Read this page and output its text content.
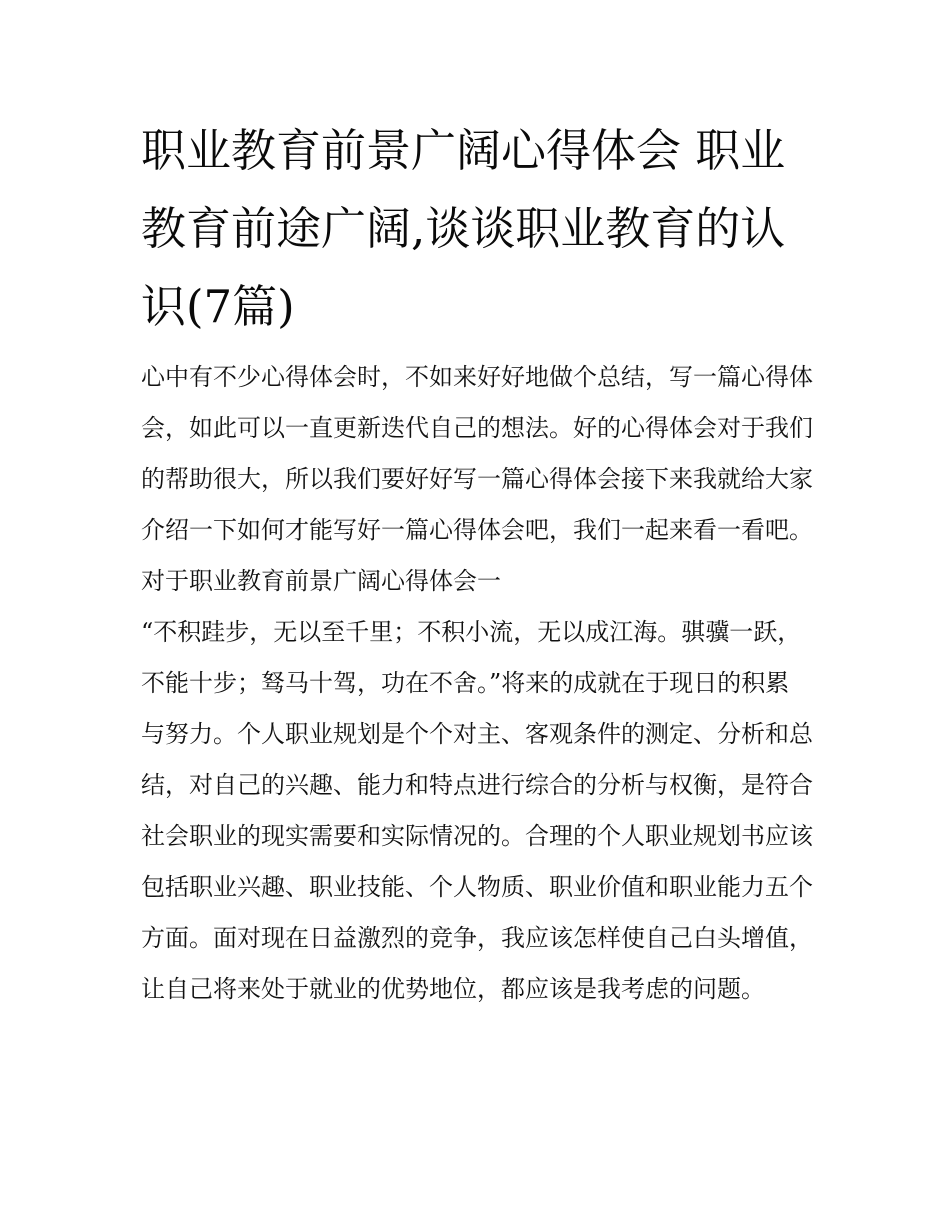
职业教育前景广阔心得体会 职业教育前途广阔,谈谈职业教育的认识(7篇)

心中有不少心得体会时，不如来好好地做个总结，写一篇心得体会，如此可以一直更新迭代自己的想法。好的心得体会对于我们的帮助很大，所以我们要好好写一篇心得体会接下来我就给大家介绍一下如何才能写好一篇心得体会吧，我们一起来看一看吧。

对于职业教育前景广阔心得体会一

“不积跬步，无以至千里；不积小流，无以成江海。骐骥一跃，不能十步；驽马十驾，功在不舍。”将来的成就在于现日的积累与努力。个人职业规划是个个对主、客观条件的测定、分析和总结，对自己的兴趣、能力和特点进行综合的分析与权衡，是符合社会职业的现实需要和实际情况的。合理的个人职业规划书应该包括职业兴趣、职业技能、个人物质、职业价值和职业能力五个方面。面对现在日益激烈的竞争，我应该怎样使自己白头增值，让自己将来处于就业的优势地位，都应该是我考虑的问题。
